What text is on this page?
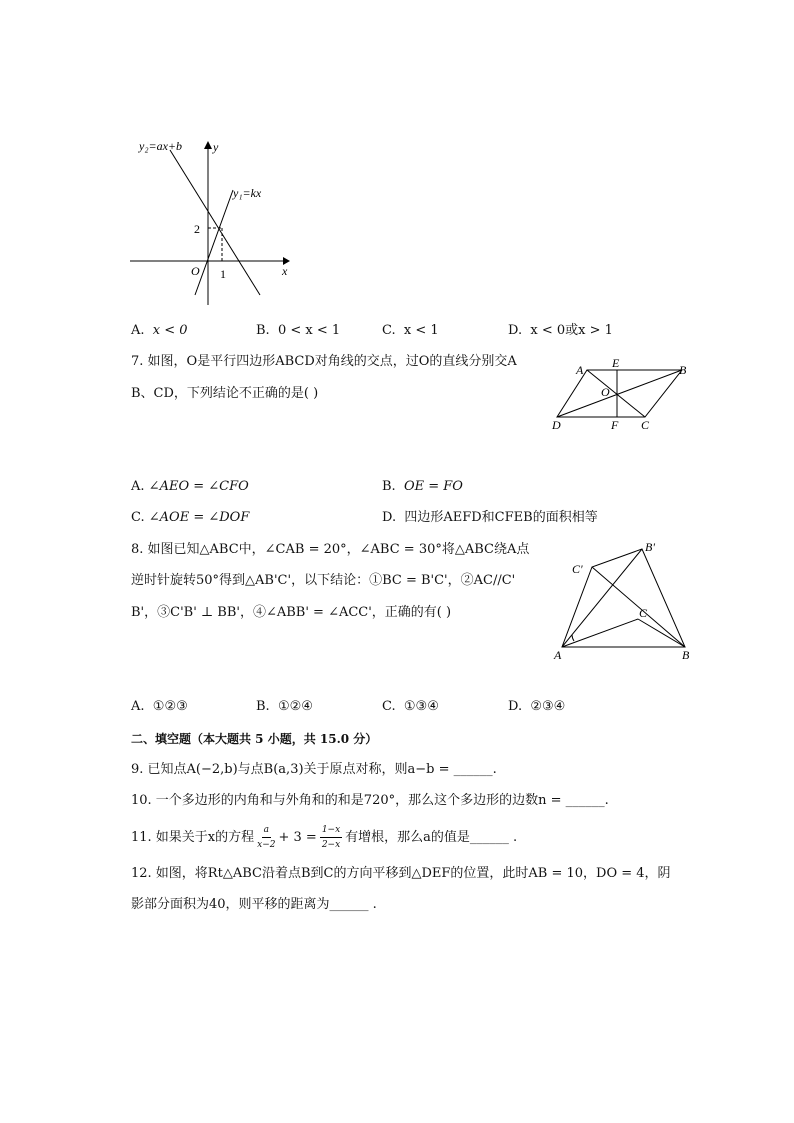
y₂=ax+b
y₁=kx
y
x
O
2
1
A. x < 0	B. 0 < x < 1	C. x < 1	D. x < 0或x > 1
7. 如图，O是平行四边形ABCD对角线的交点，过O的直线分别交A
B、CD，下列结论不正确的是( )
A E	B
O
D	F C
A. ∠AEO = ∠CFO	B. OE = FO
C. ∠AOE = ∠DOF	D. 四边形AEFD和CFEB的面积相等
8. 如图已知△ABC中，∠CAB = 20°，∠ABC = 30°将△ABC绕A点
逆时针旋转50°得到△AB'C'，以下结论：①BC = B'C'，②AC//C'
B'，③C'B' ⊥ BB'，④∠ABB' = ∠ACC'，正确的有( )
B'
C'
C
A	B
A. ①②③	B. ①②④	C. ①③④	D. ②③④
二、填空题（本大题共 5 小题，共 15.0 分）
9. 已知点A(−2,b)与点B(a,3)关于原点对称，则a−b = ______.
10. 一个多边形的内角和与外角和的和是720°，那么这个多边形的边数n = ______.
11. 如果关于x的方程 a
x−2
+ $3 = \frac{1-x}{2-x}$ 有增根，那么a的值是______ .
12. 如图，将Rt△ABC沿着点B到C的方向平移到△DEF的位置，此时AB = 10，DO = 4，阴
影部分面积为40，则平移的距离为______ .
